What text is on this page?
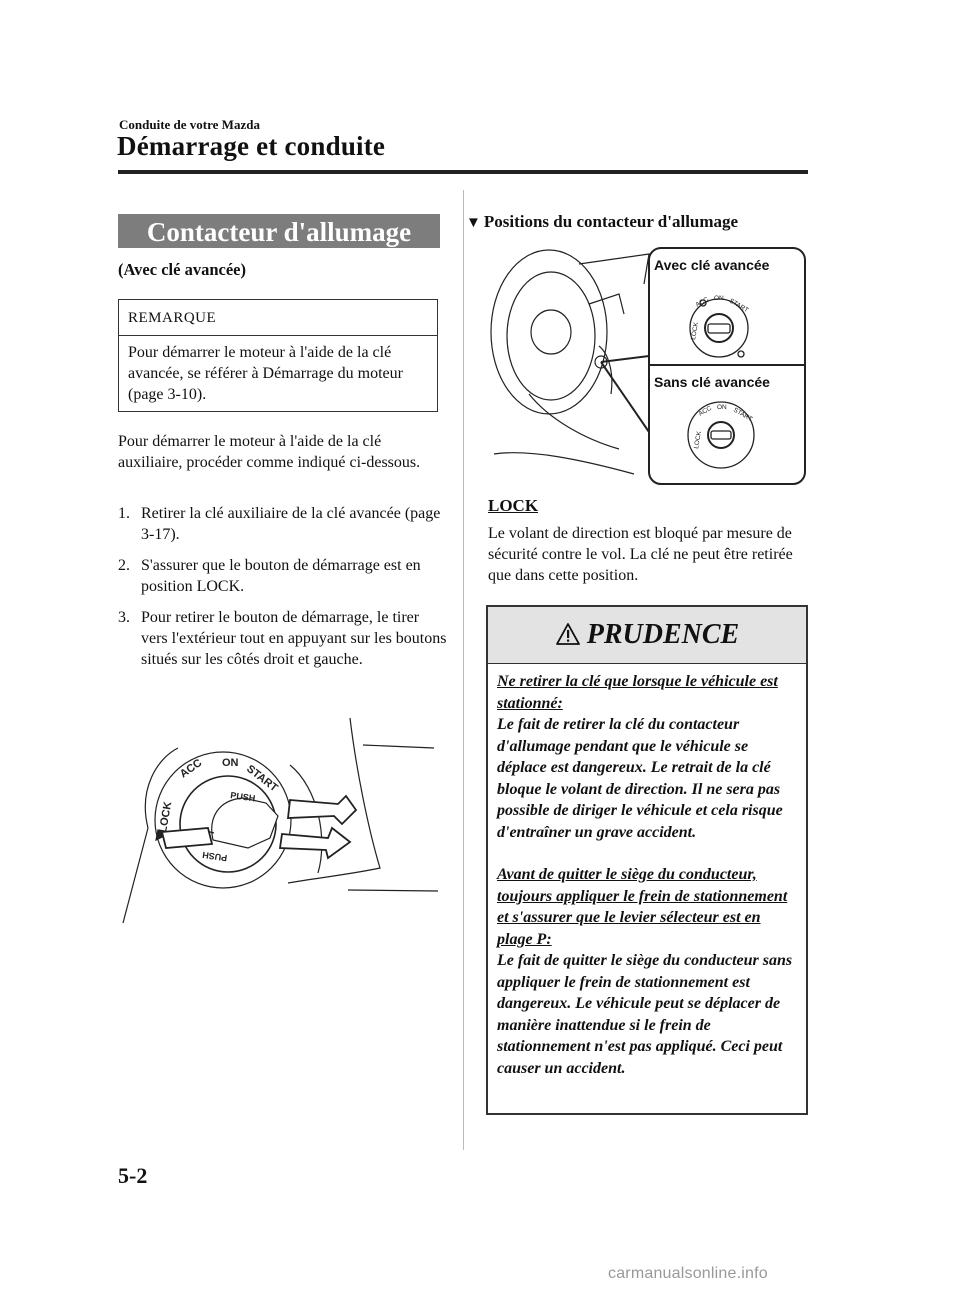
Conduite de votre Mazda
Démarrage et conduite
Contacteur d'allumage
(Avec clé avancée)
REMARQUE
Pour démarrer le moteur à l'aide de la clé avancée, se référer à Démarrage du moteur (page 3-10).
Pour démarrer le moteur à l'aide de la clé auxiliaire, procéder comme indiqué ci-dessous.
1. Retirer la clé auxiliaire de la clé avancée (page 3-17).
2. S'assurer que le bouton de démarrage est en position LOCK.
3. Pour retirer le bouton de démarrage, le tirer vers l'extérieur tout en appuyant sur les boutons situés sur les côtés droit et gauche.
ACC ON START
LOCK
PUSH
PUSH
▼ Positions du contacteur d'allumage
Avec clé avancée
Sans clé avancée
ACC ON START
LOCK
ACC ON START
LOCK
LOCK
Le volant de direction est bloqué par mesure de sécurité contre le vol. La clé ne peut être retirée que dans cette position.
PRUDENCE
Ne retirer la clé que lorsque le véhicule est stationné:
Le fait de retirer la clé du contacteur d'allumage pendant que le véhicule se déplace est dangereux. Le retrait de la clé bloque le volant de direction. Il ne sera pas possible de diriger le véhicule et cela risque d'entraîner un grave accident.
Avant de quitter le siège du conducteur, toujours appliquer le frein de stationnement et s'assurer que le levier sélecteur est en plage P:
Le fait de quitter le siège du conducteur sans appliquer le frein de stationnement est dangereux. Le véhicule peut se déplacer de manière inattendue si le frein de stationnement n'est pas appliqué. Ceci peut causer un accident.
5-2
carmanualsonline.info
